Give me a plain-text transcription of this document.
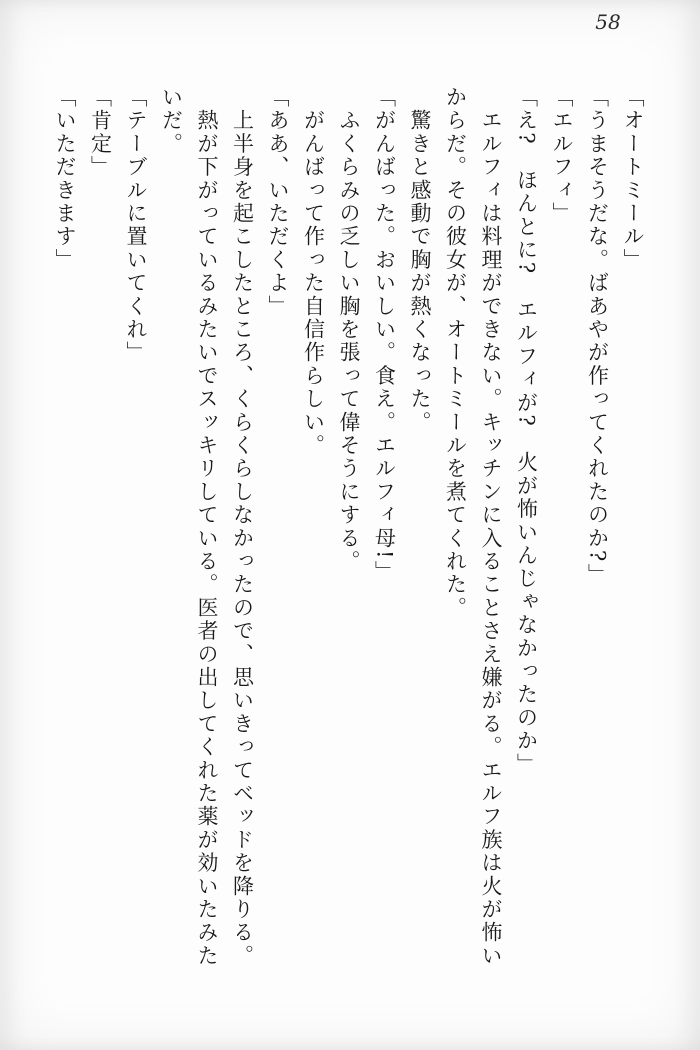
58
「オートミール」
「うまそうだな。ばあやが作ってくれたのか?」
「エルフィ」
「え?　ほんとに?　エルフィが?　火が怖いんじゃなかったのか」
　エルフィは料理ができない。キッチンに入ることさえ嫌がる。エルフ族は火が怖い
からだ。その彼女が、オートミールを煮てくれた。
　驚きと感動で胸が熱くなった。
「がんばった。おいしい。食え。エルフィ母!」
　ふくらみの乏しい胸を張って偉そうにする。
　がんばって作った自信作らしい。
「ああ、いただくよ」
　上半身を起こしたところ、くらくらしなかったので、思いきってベッドを降りる。
　熱が下がっているみたいでスッキリしている。医者の出してくれた薬が効いたみた
いだ。
「テーブルに置いてくれ」
「肯定」
「いただきます」
